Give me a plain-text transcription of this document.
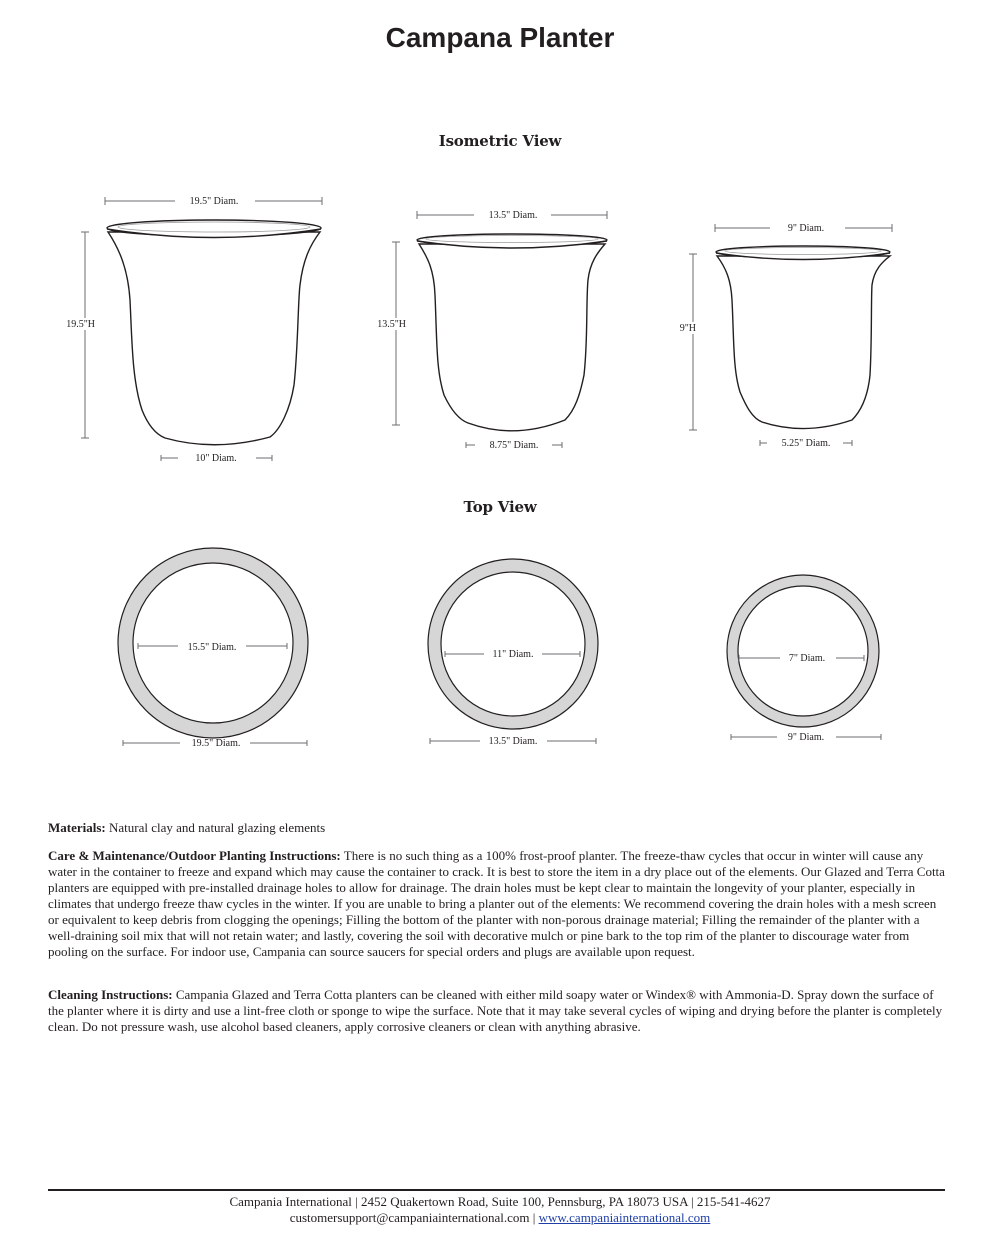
Campana Planter
Isometric View
Top View
19.5" Diam.
19.5"H
10" Diam.
13.5" Diam.
13.5"H
8.75" Diam.
9" Diam.
9"H
5.25" Diam.
15.5" Diam.
19.5" Diam.
11" Diam.
13.5" Diam.
7" Diam.
9" Diam.

Materials: Natural clay and natural glazing elements

Care & Maintenance/Outdoor Planting Instructions: There is no such thing as a 100% frost-proof planter. The freeze-thaw cycles that occur in winter will cause any water in the container to freeze and expand which may cause the container to crack. It is best to store the item in a dry place out of the elements. Our Glazed and Terra Cotta planters are equipped with pre-installed drainage holes to allow for drainage. The drain holes must be kept clear to maintain the longevity of your planter, especially in climates that undergo freeze thaw cycles in the winter. If you are unable to bring a planter out of the elements: We recommend covering the drain holes with a mesh screen or equivalent to keep debris from clogging the openings; Filling the bottom of the planter with non-porous drainage material; Filling the remainder of the planter with a well-draining soil mix that will not retain water; and lastly, covering the soil with decorative mulch or pine bark to the top rim of the planter to discourage water from pooling on the surface. For indoor use, Campania can source saucers for special orders and plugs are available upon request.

Cleaning Instructions: Campania Glazed and Terra Cotta planters can be cleaned with either mild soapy water or Windex® with Ammonia-D. Spray down the surface of the planter where it is dirty and use a lint-free cloth or sponge to wipe the surface. Note that it may take several cycles of wiping and drying before the planter is completely clean. Do not pressure wash, use alcohol based cleaners, apply corrosive cleaners or clean with anything abrasive.

Campania International | 2452 Quakertown Road, Suite 100, Pennsburg, PA 18073 USA | 215-541-4627
customersupport@campaniainternational.com | www.campaniainternational.com
